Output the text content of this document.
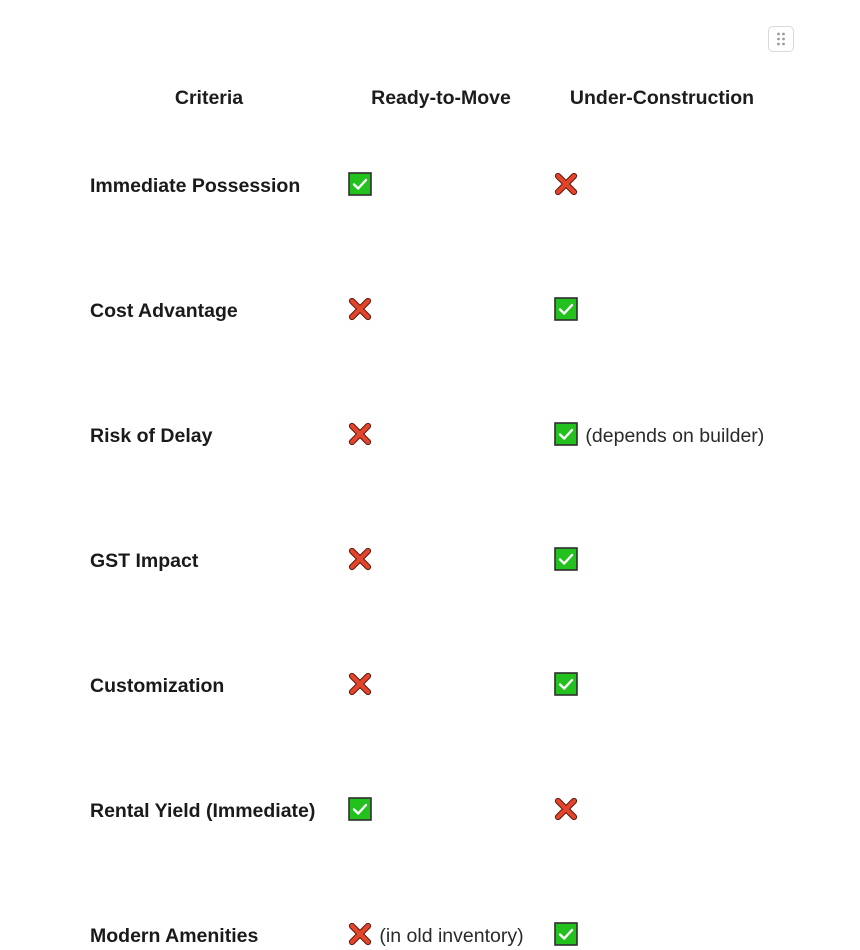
Criteria	Ready-to-Move	Under-Construction
Immediate Possession		
Cost Advantage		
Risk of Delay		(depends on builder)
GST Impact		
Customization		
Rental Yield (Immediate)		
Modern Amenities	(in old inventory)	
